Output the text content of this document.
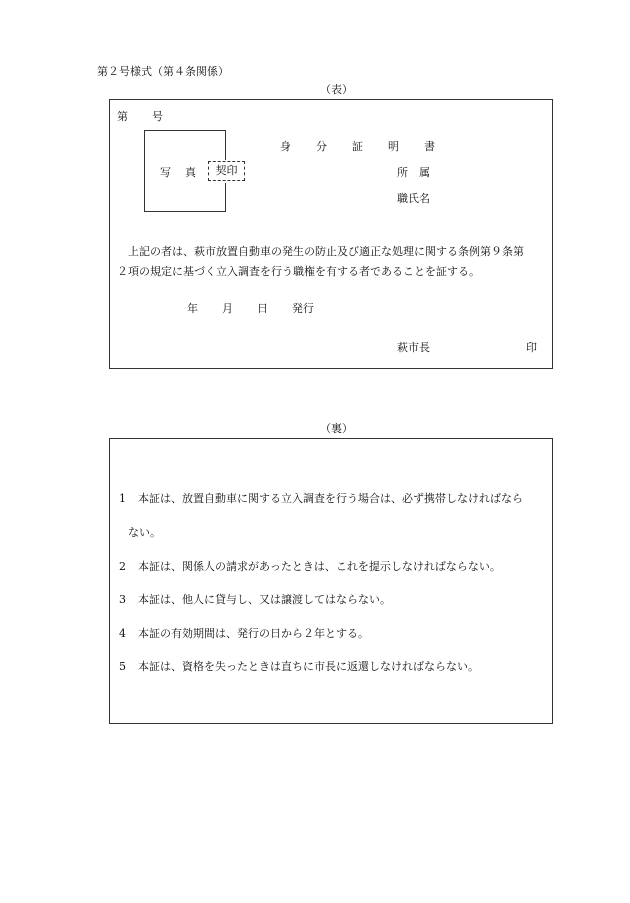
第２号様式（第４条関係）
（表）
第 号
身 分 証 明 書
写 真	契印	所　属
職氏名
上記の者は、萩市放置自動車の発生の防止及び適正な処理に関する条例第９条第
２項の規定に基づく立入調査を行う職権を有する者であることを証する。
年 月 日 発行
萩市長	印
（裏）
1 本証は、放置自動車に関する立入調査を行う場合は、必ず携帯しなければなら
ない。
2 本証は、関係人の請求があったときは、これを提示しなければならない。
3 本証は、他人に貸与し、又は譲渡してはならない。
4 本証の有効期間は、発行の日から２年とする。
5 本証は、資格を失ったときは直ちに市長に返還しなければならない。
